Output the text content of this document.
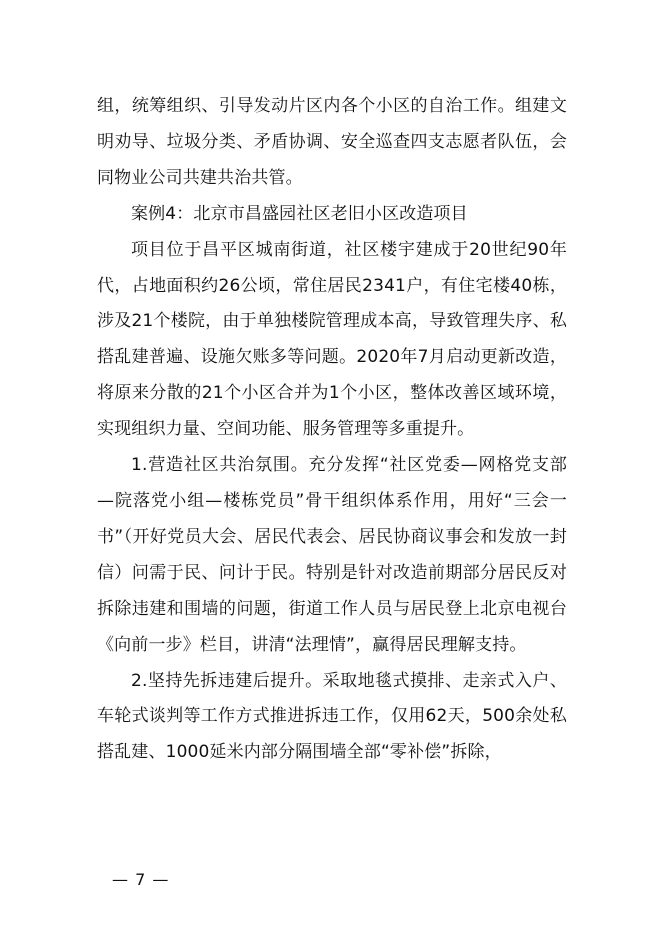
组，统筹组织、引导发动片区内各个小区的自治工作。组建文明劝导、垃圾分类、矛盾协调、安全巡查四支志愿者队伍，会同物业公司共建共治共管。

案例4：北京市昌盛园社区老旧小区改造项目

项目位于昌平区城南街道，社区楼宇建成于20世纪90年代，占地面积约26公顷，常住居民2341户，有住宅楼40栋，涉及21个楼院，由于单独楼院管理成本高，导致管理失序、私搭乱建普遍、设施欠账多等问题。2020年7月启动更新改造，将原来分散的21个小区合并为1个小区，整体改善区域环境，实现组织力量、空间功能、服务管理等多重提升。

1.营造社区共治氛围。充分发挥“社区党委—网格党支部—院落党小组—楼栋党员”骨干组织体系作用，用好“三会一书”（开好党员大会、居民代表会、居民协商议事会和发放一封信）问需于民、问计于民。特别是针对改造前期部分居民反对拆除违建和围墙的问题，街道工作人员与居民登上北京电视台《向前一步》栏目，讲清“法理情”，赢得居民理解支持。

2.坚持先拆违建后提升。采取地毯式摸排、走亲式入户、车轮式谈判等工作方式推进拆违工作，仅用62天，500余处私搭乱建、1000延米内部分隔围墙全部“零补偿”拆除，

— 7 —
